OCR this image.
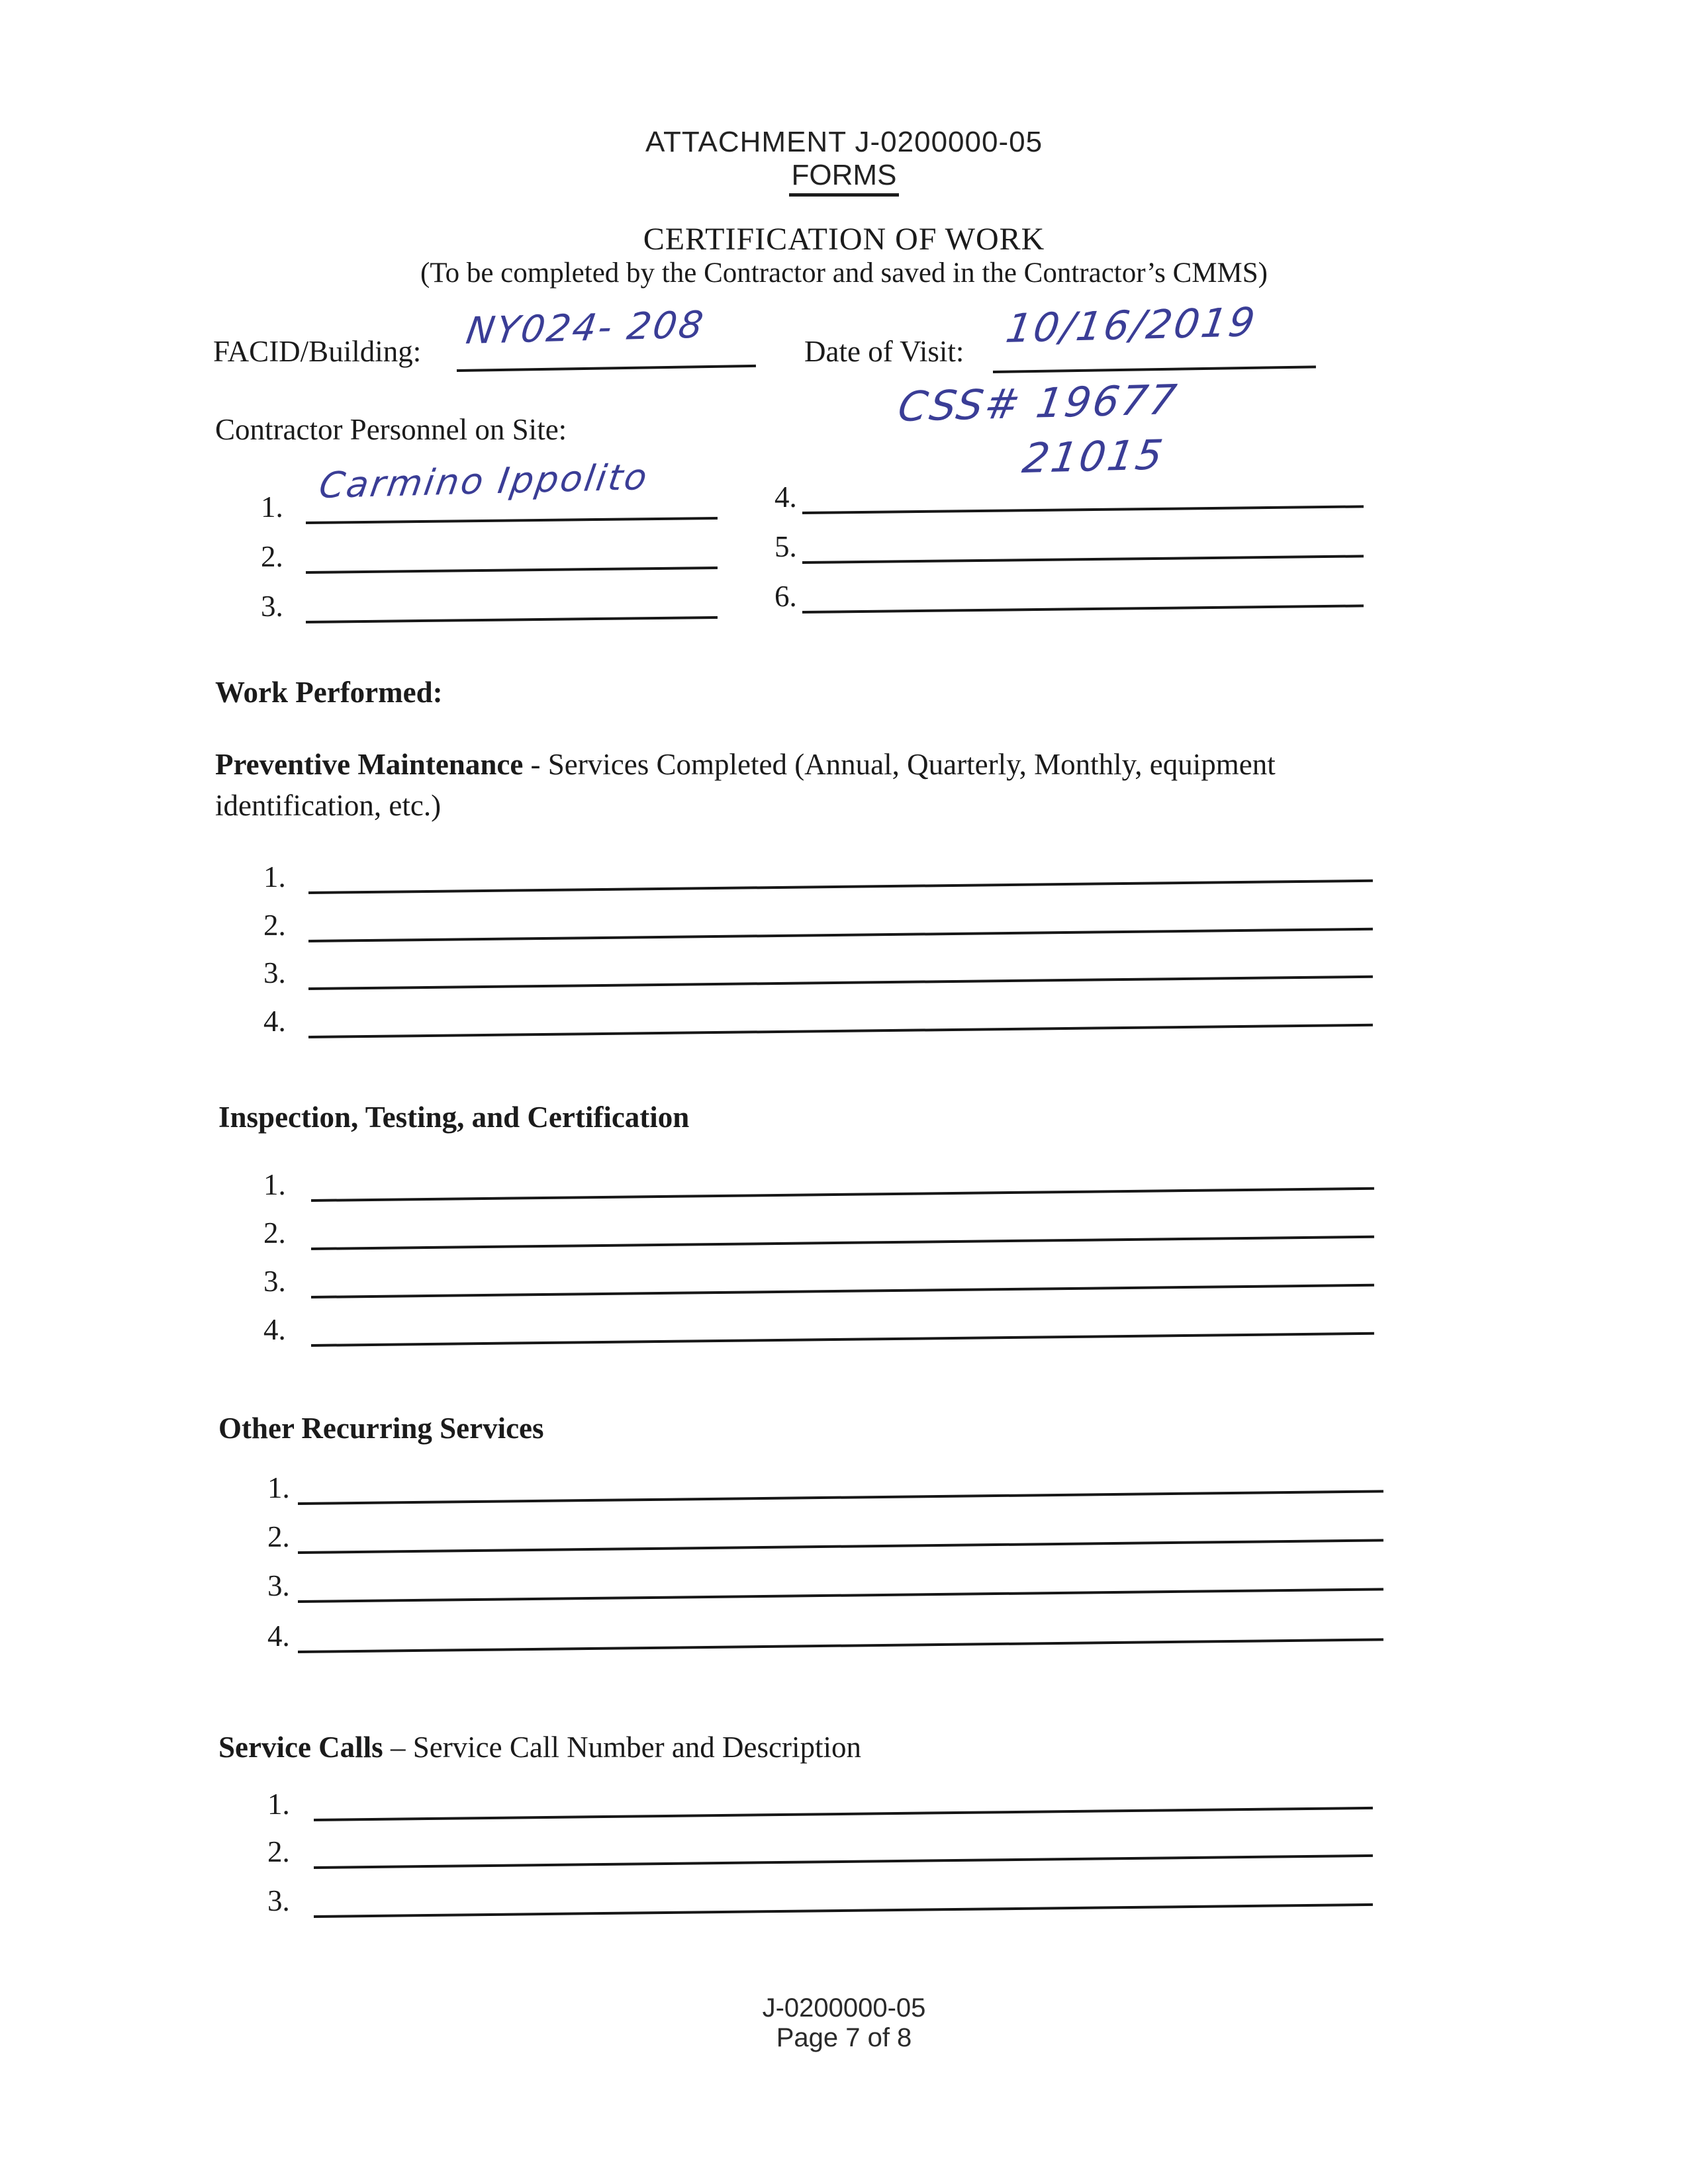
ATTACHMENT J-0200000-05
FORMS
CERTIFICATION OF WORK
(To be completed by the Contractor and saved in the Contractor’s CMMS)
FACID/Building: NY024- 208	Date of Visit: 10/16/2019
CSS# 19677
21015
Contractor Personnel on Site:
1.
Carmino Ippolito
2.
3.
4.
5.
6.
Work Performed:
Preventive Maintenance - Services Completed (Annual, Quarterly, Monthly, equipment identification, etc.)
1.
2.
3.
4.
Inspection, Testing, and Certification
1.
2.
3.
4.
Other Recurring Services
1.
2.
3.
4.
Service Calls – Service Call Number and Description
1.
2.
3.
J-0200000-05
Page 7 of 8
